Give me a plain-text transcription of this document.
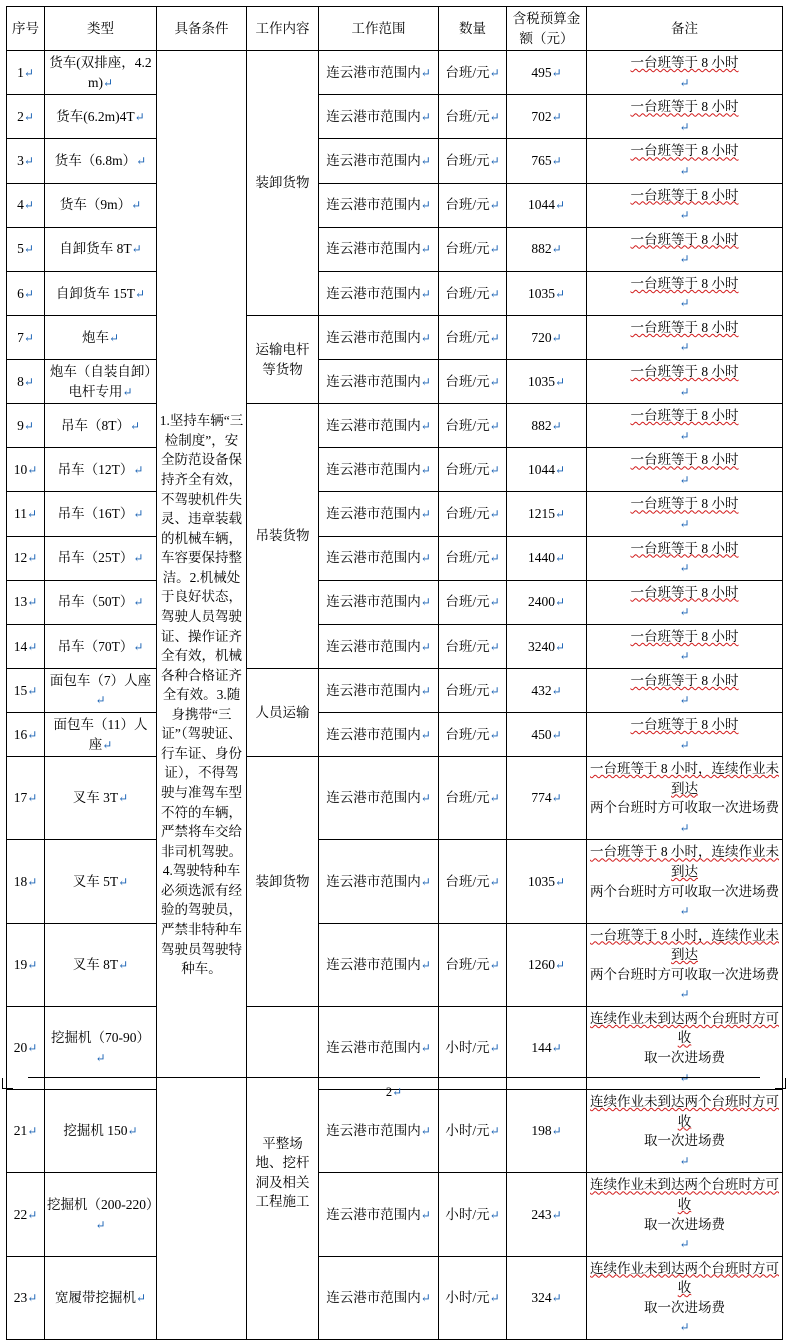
序号	类型	具备条件	工作内容	工作范围	数量	含税预算金额（元）	备注
1↵	货车(双排座，4.2m)↵	1.坚持车辆“三检制度”，安全防范设备保持齐全有效，不驾驶机件失灵、违章装载的机械车辆，车容要保持整洁。2.机械处于良好状态，驾驶人员驾驶证、操作证齐全有效，机械各种合格证齐全有效。3.随身携带“三证”（驾驶证、行车证、身份证），不得驾驶与准驾车型不符的车辆，严禁将车交给非司机驾驶。4.驾驶特种车必须选派有经验的驾驶员，严禁非特种车驾驶员驾驶特种车。	装卸货物	连云港市范围内↵	台班/元↵	495↵	一台班等于 8 小时
↵
2↵	货车(6.2m)4T↵			连云港市范围内↵	台班/元↵	702↵	一台班等于 8 小时
↵
3↵	货车（6.8m）↵			连云港市范围内↵	台班/元↵	765↵	一台班等于 8 小时
↵
4↵	货车（9m）↵			连云港市范围内↵	台班/元↵	1044↵	一台班等于 8 小时
↵
5↵	自卸货车 8T↵			连云港市范围内↵	台班/元↵	882↵	一台班等于 8 小时
↵
6↵	自卸货车 15T↵			连云港市范围内↵	台班/元↵	1035↵	一台班等于 8 小时
↵
7↵	炮车↵		运输电杆等货物	连云港市范围内↵	台班/元↵	720↵	一台班等于 8 小时
↵
8↵	炮车（自装自卸）电杆专用↵			连云港市范围内↵	台班/元↵	1035↵	一台班等于 8 小时
↵
9↵	吊车（8T）↵		吊装货物	连云港市范围内↵	台班/元↵	882↵	一台班等于 8 小时
↵
10↵	吊车（12T）↵			连云港市范围内↵	台班/元↵	1044↵	一台班等于 8 小时
↵
11↵	吊车（16T）↵			连云港市范围内↵	台班/元↵	1215↵	一台班等于 8 小时
↵
12↵	吊车（25T）↵			连云港市范围内↵	台班/元↵	1440↵	一台班等于 8 小时
↵
13↵	吊车（50T）↵			连云港市范围内↵	台班/元↵	2400↵	一台班等于 8 小时
↵
14↵	吊车（70T）↵			连云港市范围内↵	台班/元↵	3240↵	一台班等于 8 小时
↵
15↵	面包车（7）人座↵		人员运输	连云港市范围内↵	台班/元↵	432↵	一台班等于 8 小时
↵
16↵	面包车（11）人座↵			连云港市范围内↵	台班/元↵	450↵	一台班等于 8 小时
↵
17↵	叉车 3T↵		装卸货物	连云港市范围内↵	台班/元↵	774↵	一台班等于 8 小时，连续作业未到达
两个台班时方可收取一次进场费
↵
18↵	叉车 5T↵			连云港市范围内↵	台班/元↵	1035↵	一台班等于 8 小时，连续作业未到达
两个台班时方可收取一次进场费
↵
19↵	叉车 8T↵			连云港市范围内↵	台班/元↵	1260↵	一台班等于 8 小时，连续作业未到达
两个台班时方可收取一次进场费
↵
20↵	挖掘机（70-90）↵		平整场地、挖杆洞及相关工程施工	连云港市范围内↵	小时/元↵	144↵	连续作业未到达两个台班时方可收
取一次进场费
↵
21↵	挖掘机 150↵			连云港市范围内↵	小时/元↵	198↵	连续作业未到达两个台班时方可收
取一次进场费
↵
22↵	挖掘机（200-220）↵			连云港市范围内↵	小时/元↵	243↵	连续作业未到达两个台班时方可收
取一次进场费
↵
23↵	宽履带挖掘机↵			连云港市范围内↵	小时/元↵	324↵	连续作业未到达两个台班时方可收
取一次进场费
↵
2↵
